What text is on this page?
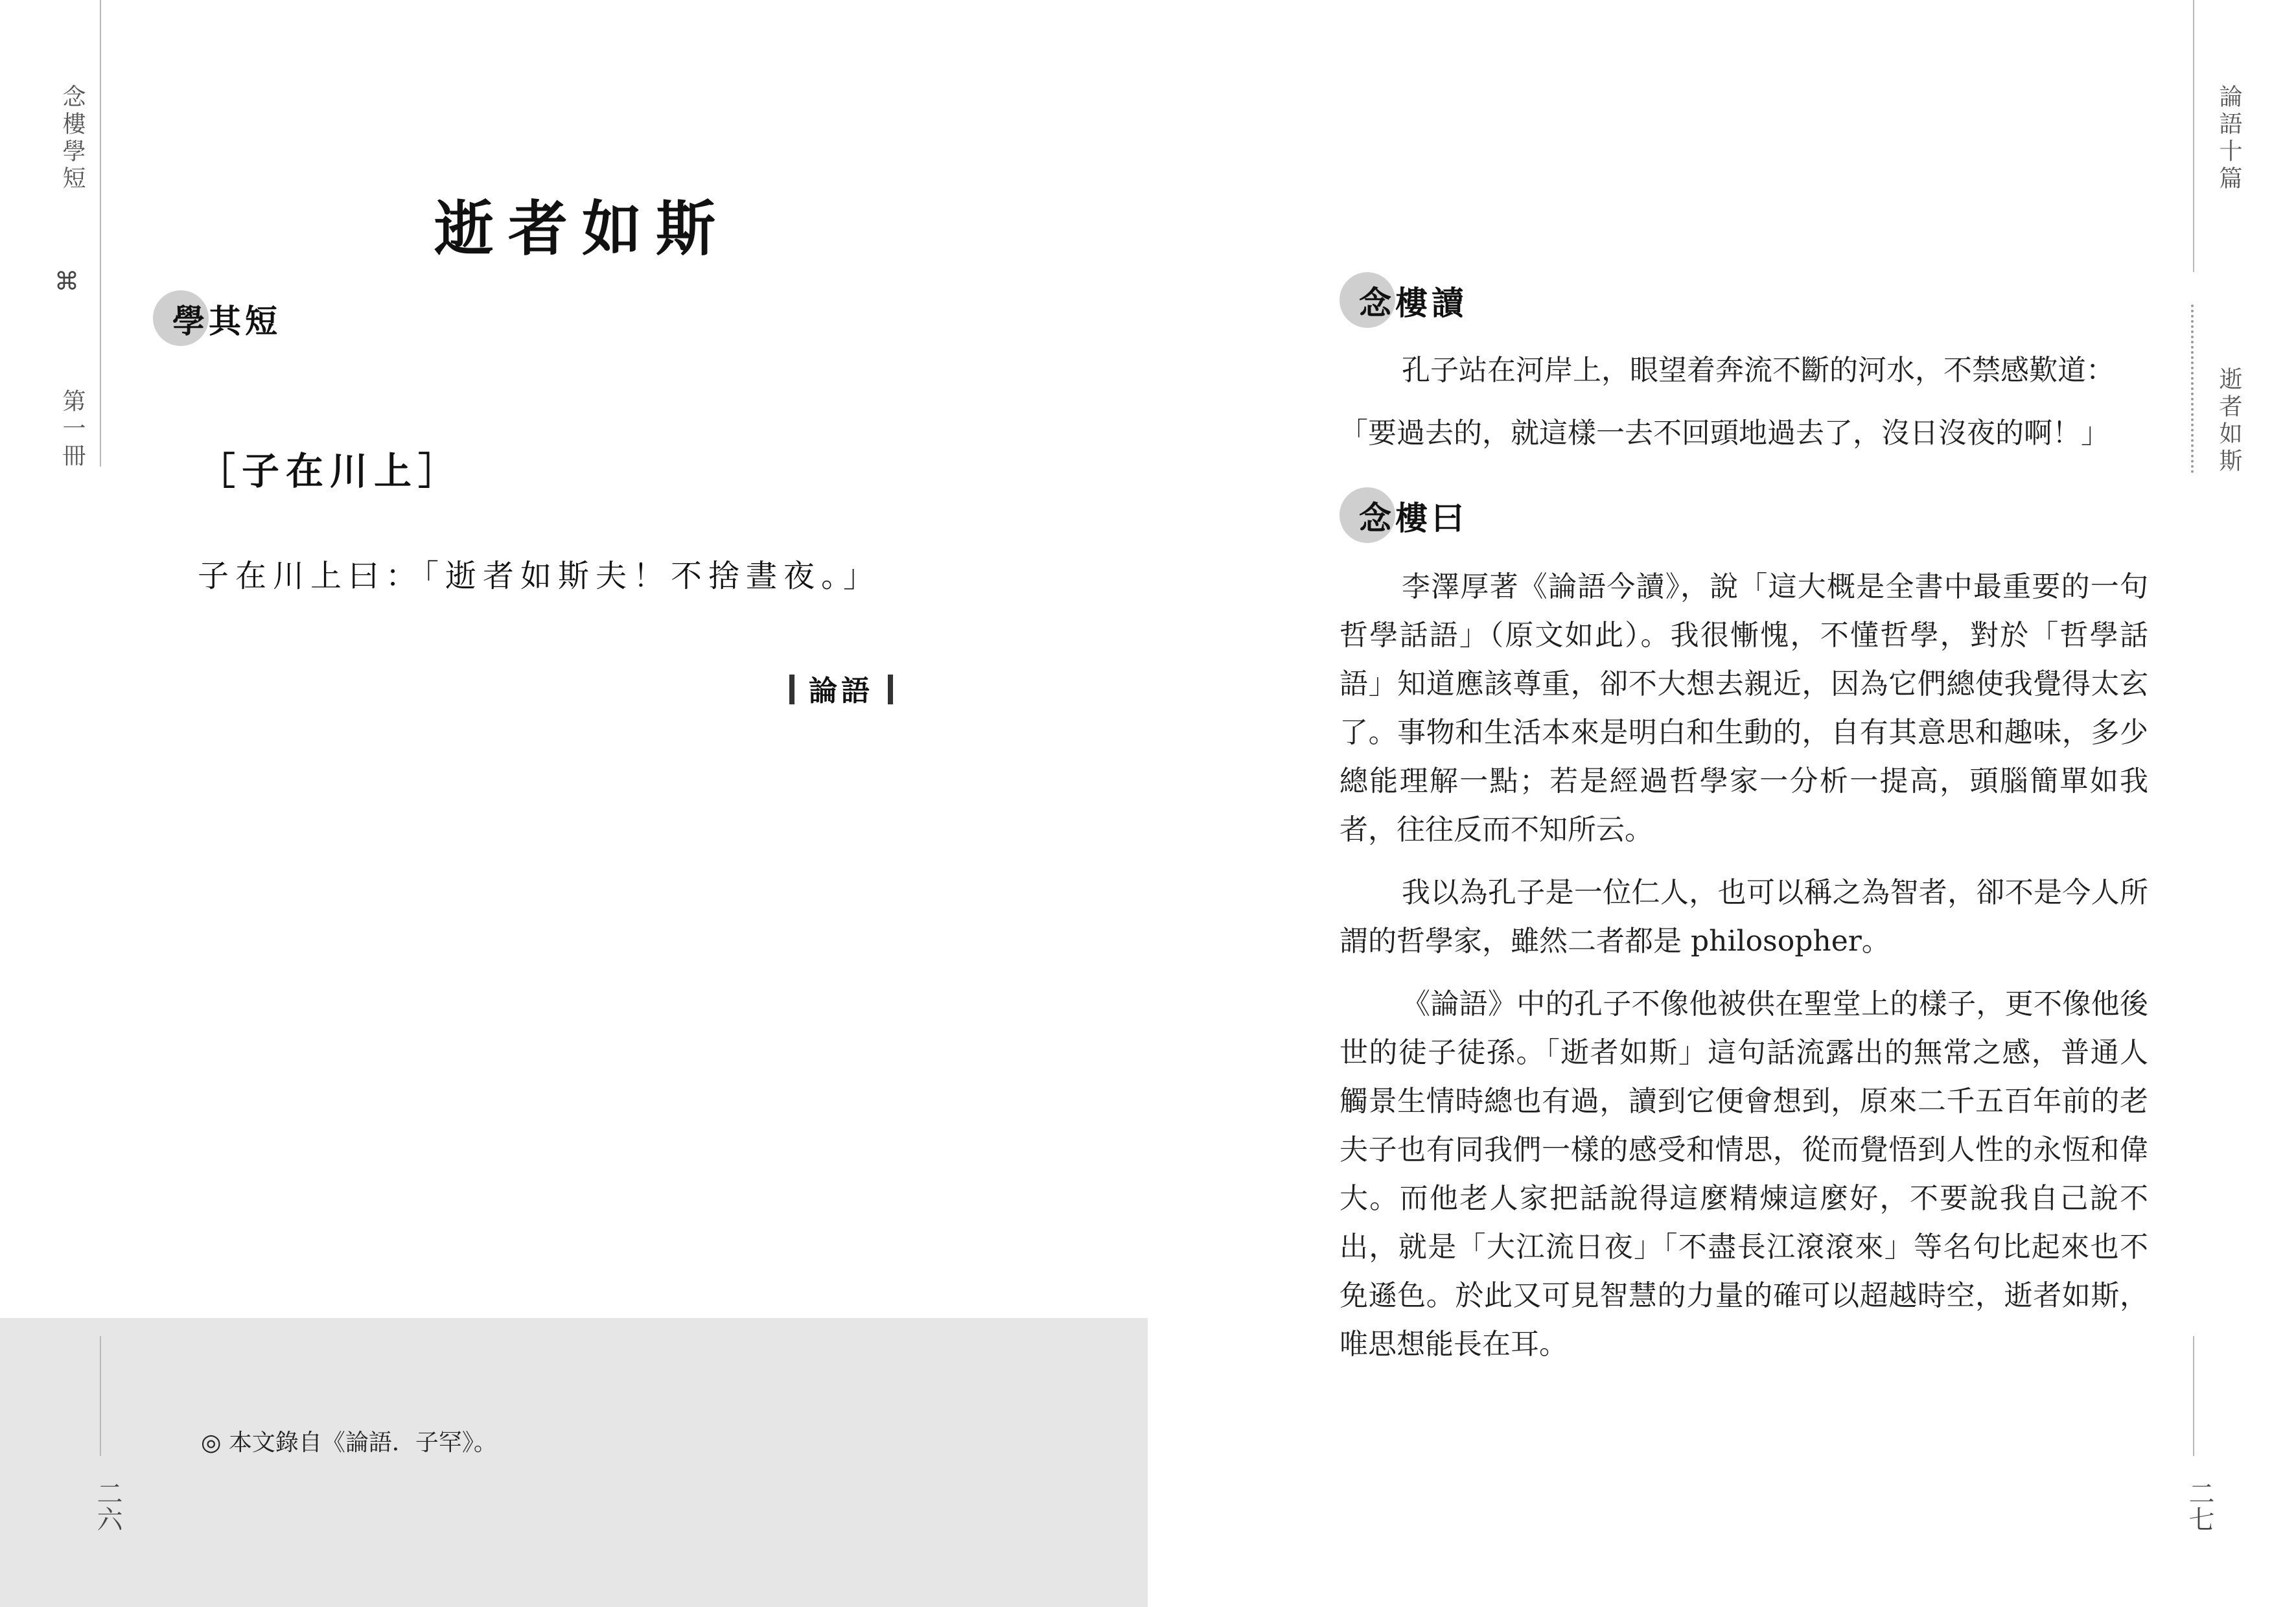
念樓學短
⌘
第一冊
逝者如斯
學其短
［子在川上］
子在川上曰：「逝者如斯夫！不捨晝夜。」
論語
◎ 本文錄自《論語．子罕》。
二六
論語十篇
逝者如斯
念樓讀

孔子站在河岸上，眼望着奔流不斷的河水，不禁感歎道：

「要過去的，就這樣一去不回頭地過去了，沒日沒夜的啊！」

念樓曰

李澤厚著《論語今讀》，說「這大概是全書中最重要的一句哲學話語」（原文如此）。我很慚愧，不懂哲學，對於「哲學話語」知道應該尊重，卻不大想去親近，因為它們總使我覺得太玄了。事物和生活本來是明白和生動的，自有其意思和趣味，多少總能理解一點；若是經過哲學家一分析一提高，頭腦簡單如我者，往往反而不知所云。

我以為孔子是一位仁人，也可以稱之為智者，卻不是今人所謂的哲學家，雖然二者都是 philosopher。

《論語》中的孔子不像他被供在聖堂上的樣子，更不像他後世的徒子徒孫。「逝者如斯」這句話流露出的無常之感，普通人觸景生情時總也有過，讀到它便會想到，原來二千五百年前的老夫子也有同我們一樣的感受和情思，從而覺悟到人性的永恆和偉大。而他老人家把話說得這麼精煉這麼好，不要說我自己說不出，就是「大江流日夜」「不盡長江滾滾來」等名句比起來也不免遜色。於此又可見智慧的力量的確可以超越時空，逝者如斯，唯思想能長在耳。

二七
